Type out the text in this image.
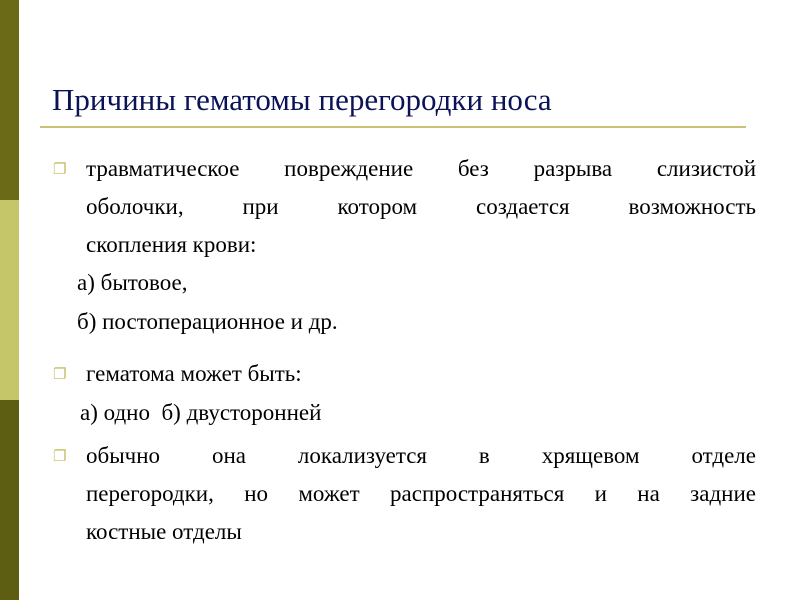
Причины гематомы перегородки носа
❐ травматическое повреждение без разрыва слизистой
оболочки, при котором создается возможность
скопления крови:

а) бытовое,

б) постоперационное и др.

❐ гематома может быть:

а) одно  б) двусторонней

❐ обычно она локализуется в хрящевом отделе
перегородки, но может распространяться и на задние
костные отделы
